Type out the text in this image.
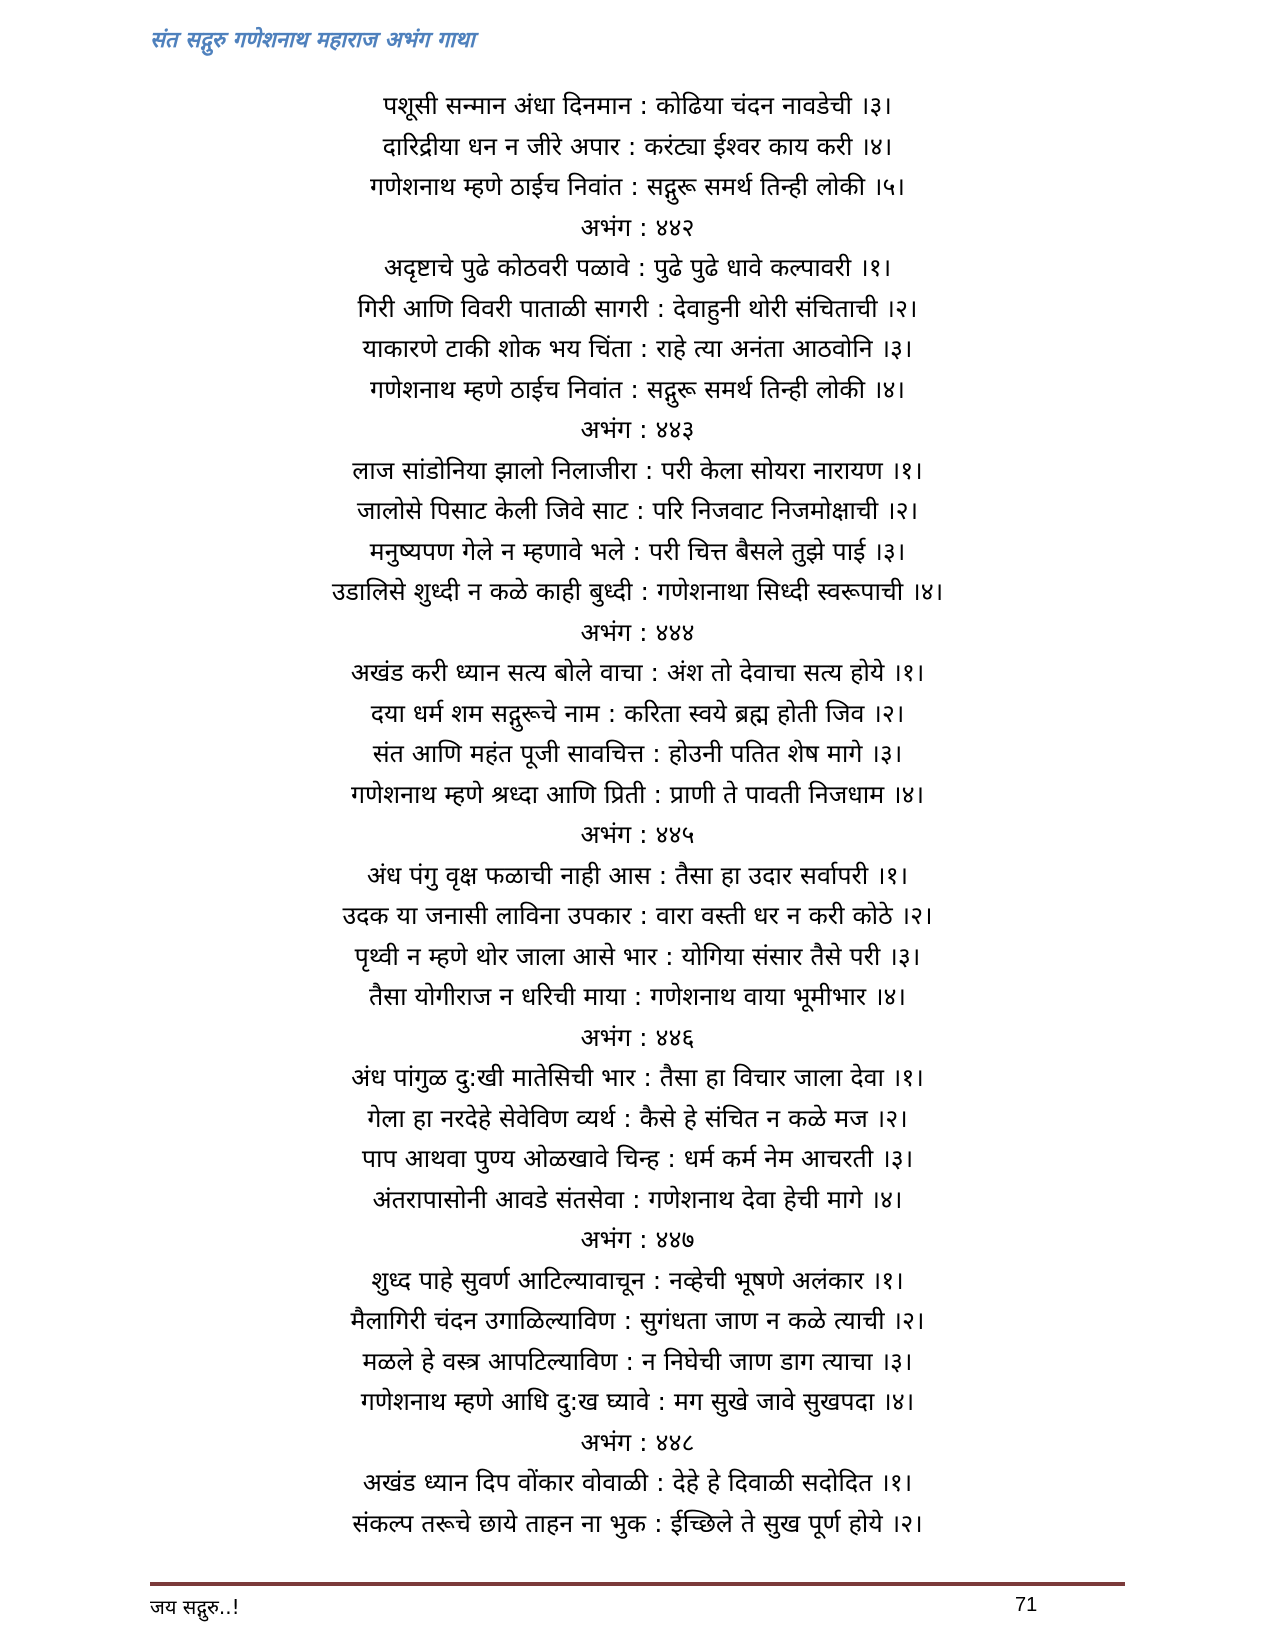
संत सद्गुरु गणेशनाथ महाराज अभंग गाथा
पशूसी सन्मान अंधा दिनमान : कोढिया चंदन नावडेची ।३।
दारिद्रीया धन न जीरे अपार : करंट्या ईश्वर काय करी ।४।
गणेशनाथ म्हणे ठाईच निवांत : सद्गुरू समर्थ तिन्ही लोकी ।५।
अभंग : ४४२
अदृष्टाचे पुढे कोठवरी पळावे : पुढे पुढे धावे कल्पावरी ।१।
गिरी आणि विवरी पाताळी सागरी : देवाहुनी थोरी संचिताची ।२।
याकारणे टाकी शोक भय चिंता : राहे त्या अनंता आठवोनि ।३।
गणेशनाथ म्हणे ठाईच निवांत : सद्गुरू समर्थ तिन्ही लोकी ।४।
अभंग : ४४३
लाज सांडोनिया झालो निलाजीरा : परी केला सोयरा नारायण ।१।
जालोसे पिसाट केली जिवे साट : परि निजवाट निजमोक्षाची ।२।
मनुष्यपण गेले न म्हणावे भले : परी चित्त बैसले तुझे पाई ।३।
उडालिसे शुध्दी न कळे काही बुध्दी : गणेशनाथा सिध्दी स्वरूपाची ।४।
अभंग : ४४४
अखंड करी ध्यान सत्य बोले वाचा : अंश तो देवाचा सत्य होये ।१।
दया धर्म शम सद्गुरूचे नाम : करिता स्वये ब्रह्म होती जिव ।२।
संत आणि महंत पूजी सावचित्त : होउनी पतित शेष मागे ।३।
गणेशनाथ म्हणे श्रध्दा आणि प्रिती : प्राणी ते पावती निजधाम ।४।
अभंग : ४४५
अंध पंगु वृक्ष फळाची नाही आस : तैसा हा उदार सर्वापरी ।१।
उदक या जनासी लाविना उपकार : वारा वस्ती धर न करी कोठे ।२।
पृथ्वी न म्हणे थोर जाला आसे भार : योगिया संसार तैसे परी ।३।
तैसा योगीराज न धरिची माया : गणेशनाथ वाया भूमीभार ।४।
अभंग : ४४६
अंध पांगुळ दु:खी मातेसिची भार : तैसा हा विचार जाला देवा ।१।
गेला हा नरदेहे सेवेविण व्यर्थ : कैसे हे संचित न कळे मज ।२।
पाप आथवा पुण्य ओळखावे चिन्ह : धर्म कर्म नेम आचरती ।३।
अंतरापासोनी आवडे संतसेवा : गणेशनाथ देवा हेची मागे ।४।
अभंग : ४४७
शुध्द पाहे सुवर्ण आटिल्यावाचून : नव्हेची भूषणे अलंकार ।१।
मैलागिरी चंदन उगाळिल्याविण : सुगंधता जाण न कळे त्याची ।२।
मळले हे वस्त्र आपटिल्याविण : न निघेची जाण डाग त्याचा ।३।
गणेशनाथ म्हणे आधि दु:ख घ्यावे : मग सुखे जावे सुखपदा ।४।
अभंग : ४४८
अखंड ध्यान दिप वोंकार वोवाळी : देहे हे दिवाळी सदोदित ।१।
संकल्प तरूचे छाये ताहन ना भुक : ईच्छिले ते सुख पूर्ण होये ।२।
जय सद्गुरु..!	71
